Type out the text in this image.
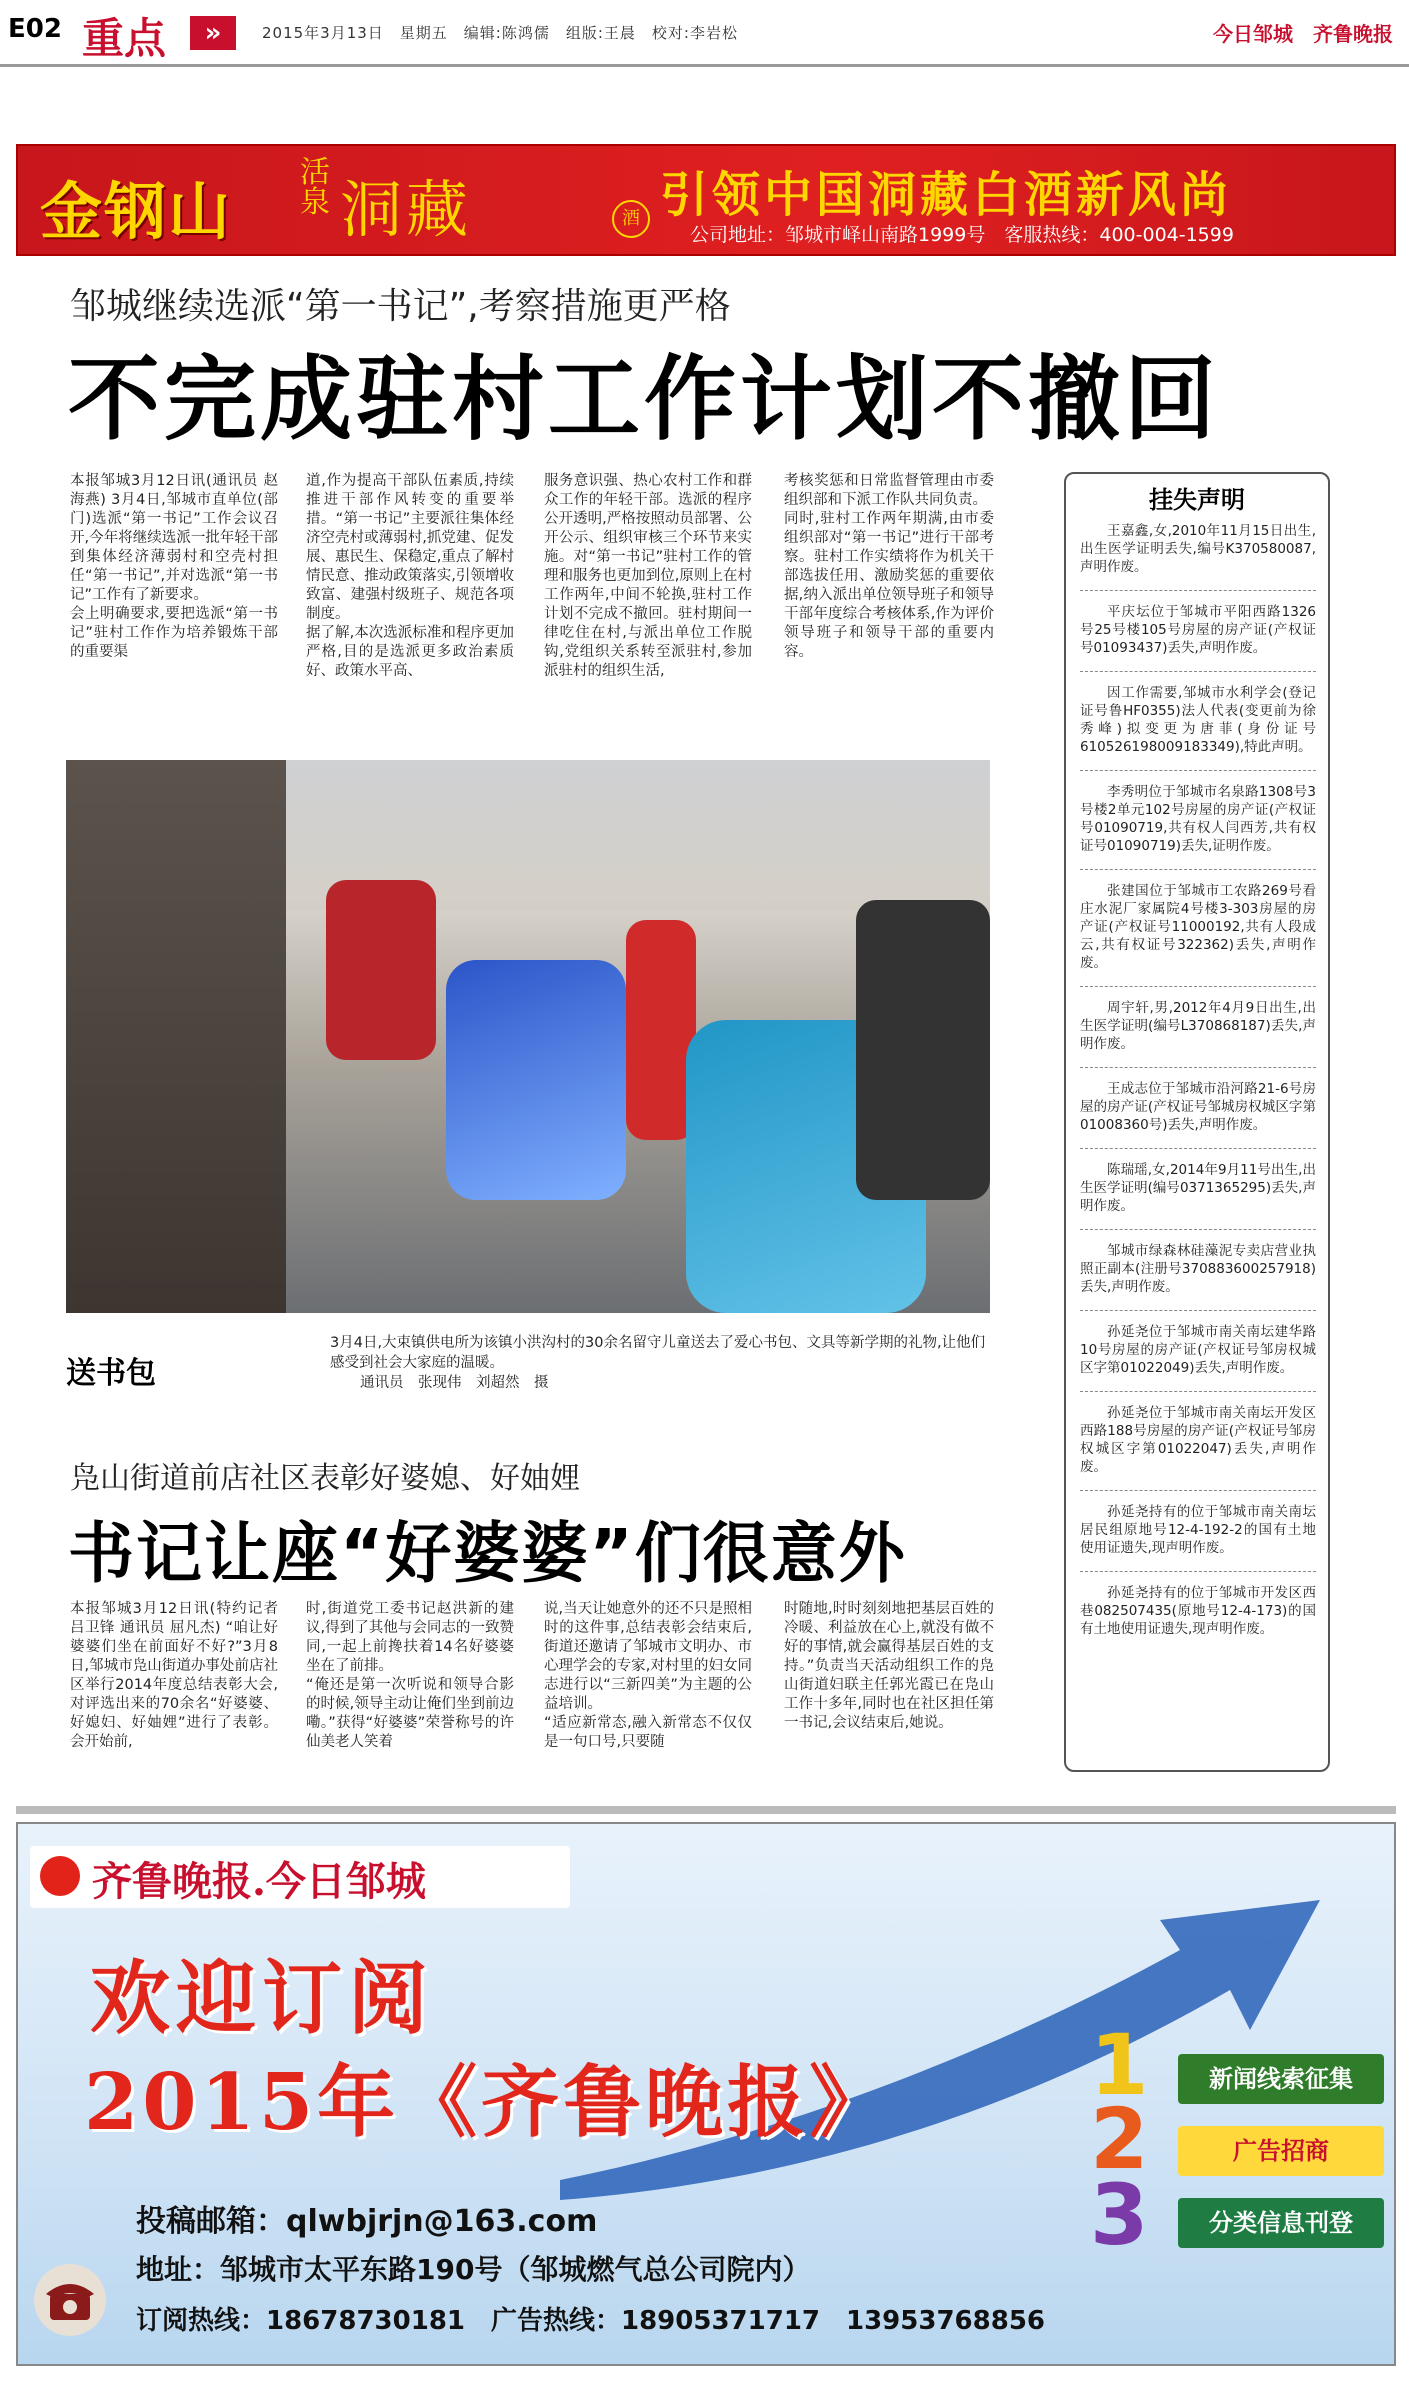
E02 重点	»	2015年3月13日　星期五　编辑:陈鸿儒　组版:王晨　校对:李岩松	今日邹城　齐鲁晚报
金钢山
活泉 洞藏	酒 引领中国洞藏白酒新风尚
公司地址：邹城市峄山南路1999号　客服热线：400-004-1599
邹城继续选派“第一书记”,考察措施更严格
不完成驻村工作计划不撤回
本报邹城3月12日讯(通讯员 赵海燕) 3月4日,邹城市直单位(部门)选派“第一书记”工作会议召开,今年将继续选派一批年轻干部到集体经济薄弱村和空壳村担任“第一书记”,并对选派“第一书记”工作有了新要求。
会上明确要求,要把选派“第一书记”驻村工作作为培养锻炼干部的重要渠
道,作为提高干部队伍素质,持续推进干部作风转变的重要举措。“第一书记”主要派往集体经济空壳村或薄弱村,抓党建、促发展、惠民生、保稳定,重点了解村情民意、推动政策落实,引领增收致富、建强村级班子、规范各项制度。
据了解,本次选派标准和程序更加严格,目的是选派更多政治素质好、政策水平高、
服务意识强、热心农村工作和群众工作的年轻干部。选派的程序公开透明,严格按照动员部署、公开公示、组织审核三个环节来实施。对“第一书记”驻村工作的管理和服务也更加到位,原则上在村工作两年,中间不轮换,驻村工作计划不完成不撤回。驻村期间一律吃住在村,与派出单位工作脱钩,党组织关系转至派驻村,参加派驻村的组织生活,
考核奖惩和日常监督管理由市委组织部和下派工作队共同负责。
同时,驻村工作两年期满,由市委组织部对“第一书记”进行干部考察。驻村工作实绩将作为机关干部选拔任用、激励奖惩的重要依据,纳入派出单位领导班子和领导干部年度综合考核体系,作为评价领导班子和领导干部的重要内容。
送书包
3月4日,大束镇供电所为该镇小洪沟村的30余名留守儿童送去了爱心书包、文具等新学期的礼物,让他们感受到社会大家庭的温暖。
通讯员　张现伟　刘超然　摄
凫山街道前店社区表彰好婆媳、好妯娌
书记让座“好婆婆”们很意外
本报邹城3月12日讯(特约记者 吕卫锋 通讯员 屈凡杰) “咱让好婆婆们坐在前面好不好?”3月8日,邹城市凫山街道办事处前店社区举行2014年度总结表彰大会,对评选出来的70余名“好婆婆、好媳妇、好妯娌”进行了表彰。会开始前,
时,街道党工委书记赵洪新的建议,得到了其他与会同志的一致赞同,一起上前搀扶着14名好婆婆坐在了前排。
“俺还是第一次听说和领导合影的时候,领导主动让俺们坐到前边嘞。”获得“好婆婆”荣誉称号的许仙美老人笑着
说,当天让她意外的还不只是照相时的这件事,总结表彰会结束后,街道还邀请了邹城市文明办、市心理学会的专家,对村里的妇女同志进行以“三新四美”为主题的公益培训。
“适应新常态,融入新常态不仅仅是一句口号,只要随
时随地,时时刻刻地把基层百姓的冷暖、利益放在心上,就没有做不好的事情,就会赢得基层百姓的支持。”负责当天活动组织工作的凫山街道妇联主任郭光霞已在凫山工作十多年,同时也在社区担任第一书记,会议结束后,她说。
挂失声明

王嘉鑫,女,2010年11月15日出生,出生医学证明丢失,编号K370580087,声明作废。

平庆坛位于邹城市平阳西路1326号25号楼105号房屋的房产证(产权证号01093437)丢失,声明作废。

因工作需要,邹城市水利学会(登记证号鲁HF0355)法人代表(变更前为徐秀峰)拟变更为唐菲(身份证号610526198009183349),特此声明。

李秀明位于邹城市名泉路1308号3号楼2单元102号房屋的房产证(产权证号01090719,共有权人闫西芳,共有权证号01090719)丢失,证明作废。

张建国位于邹城市工农路269号看庄水泥厂家属院4号楼3-303房屋的房产证(产权证号11000192,共有人段成云,共有权证号322362)丢失,声明作废。

周宇轩,男,2012年4月9日出生,出生医学证明(编号L370868187)丢失,声明作废。

王成志位于邹城市沿河路21-6号房屋的房产证(产权证号邹城房权城区字第01008360号)丢失,声明作废。

陈瑞瑶,女,2014年9月11号出生,出生医学证明(编号0371365295)丢失,声明作废。

邹城市绿森林硅藻泥专卖店营业执照正副本(注册号370883600257918)丢失,声明作废。

孙延尧位于邹城市南关南坛建华路10号房屋的房产证(产权证号邹房权城区字第01022049)丢失,声明作废。

孙延尧位于邹城市南关南坛开发区西路188号房屋的房产证(产权证号邹房权城区字第01022047)丢失,声明作废。

孙延尧持有的位于邹城市南关南坛居民组原地号12-4-192-2的国有土地使用证遗失,现声明作废。

孙延尧持有的位于邹城市开发区西巷082507435(原地号12-4-173)的国有土地使用证遗失,现声明作废。

齐鲁晚报.今日邹城
欢迎订阅
2015年《齐鲁晚报》 1
2
3
新闻线索征集
广告招商
分类信息刊登
投稿邮箱：qlwbjrjn@163.com
地址：邹城市太平东路190号（邹城燃气总公司院内）
订阅热线：18678730181　广告热线：18905371717　13953768856
